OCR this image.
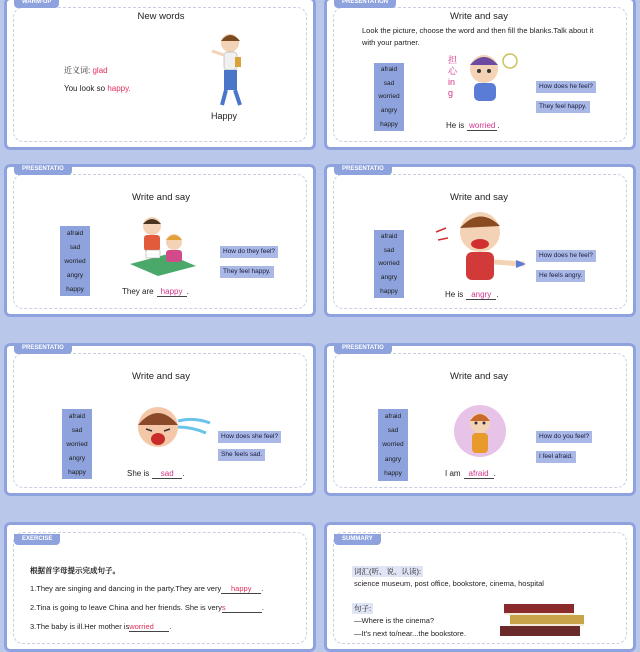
WARM-UP
New words
近义词: glad
You look so happy.
Happy
PRESENTATION
Write and say
Look the picture, choose the word and then fill the blanks.Talk about it with your partner.
afraid
sad
worried
angry
happy
担心ing
How does he feel?
They feel happy.
He is worried .
PRESENTATIO
Write and say
afraid
sad
worried
angry
happy
How do they feel?
They feel happy.
They are happy .
PRESENTATIO
Write and say
afraid
sad
worried
angry
happy
How does he feel?
He feels angry.
He is angry .
PRESENTATIO
Write and say
afraid
sad
worried
angry
happy
How does she feel?
She feels sad.
She is sad .
PRESENTATIO
Write and say
afraid
sad
worried
angry
happy
How do you feel?
I feel afraid.
I am afraid .
EXERCISE
根据首字母提示完成句子。
1.They are singing and dancing in the party.They are very happy .
2.Tina is going to leave China and her friends. She is verys	.
3.The baby is ill.Her mother isworried .
SUMMARY
词汇(听、说、认读):
science museum, post office, bookstore, cinema, hospital
句子:
—Where is the cinema?
—It's next to/near...the bookstore.
